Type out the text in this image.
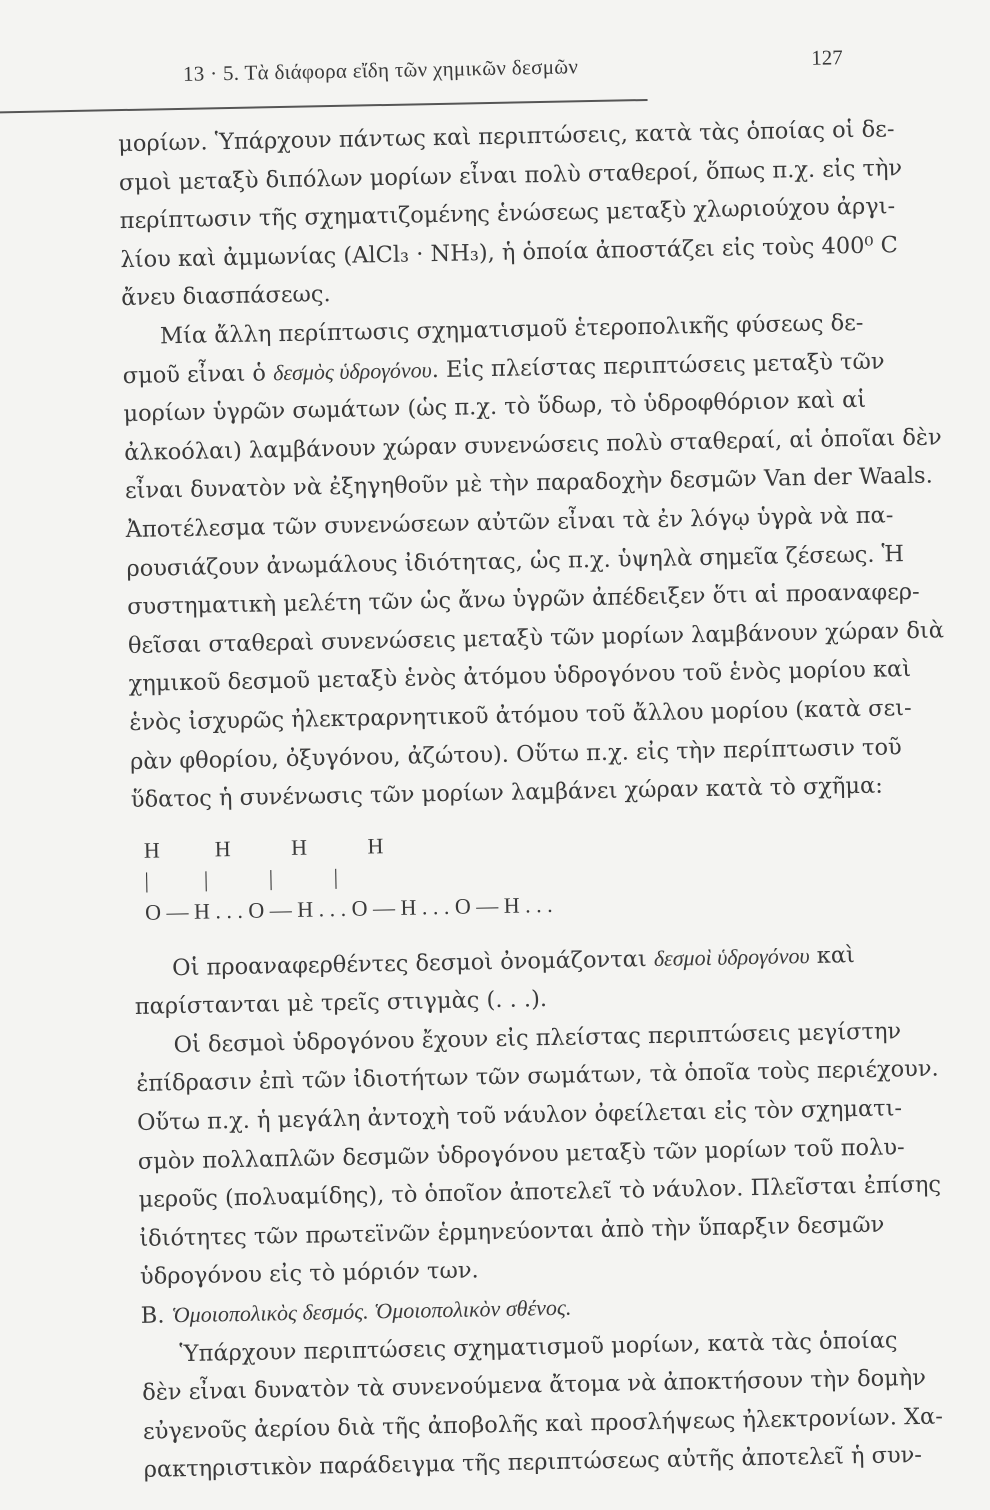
13 · 5. Τὰ διάφορα εἴδη τῶν χημικῶν δεσμῶν	127
μορίων. Ὑπάρχουν πάντως καὶ περιπτώσεις, κατὰ τὰς ὁποίας οἱ δε-
σμοὶ μεταξὺ διπόλων μορίων εἶναι πολὺ σταθεροί, ὅπως π.χ. εἰς τὴν
περίπτωσιν τῆς σχηματιζομένης ἑνώσεως μεταξὺ χλωριούχου ἀργι-
λίου καὶ ἀμμωνίας (AlCl₃ · NH₃), ἡ ὁποία ἀποστάζει εἰς τοὺς 400⁰ C
ἄνευ διασπάσεως.
Μία ἄλλη περίπτωσις σχηματισμοῦ ἑτεροπολικῆς φύσεως δε-
σμοῦ εἶναι ὁ δεσμὸς ὑδρογόνου. Εἰς πλείστας περιπτώσεις μεταξὺ τῶν
μορίων ὑγρῶν σωμάτων (ὡς π.χ. τὸ ὕδωρ, τὸ ὑδροφθόριον καὶ αἱ
ἀλκοόλαι) λαμβάνουν χώραν συνενώσεις πολὺ σταθεραί, αἱ ὁποῖαι δὲν
εἶναι δυνατὸν νὰ ἐξηγηθοῦν μὲ τὴν παραδοχὴν δεσμῶν Van der Waals.
Ἀποτέλεσμα τῶν συνενώσεων αὐτῶν εἶναι τὰ ἐν λόγῳ ὑγρὰ νὰ πα-
ρουσιάζουν ἀνωμάλους ἰδιότητας, ὡς π.χ. ὑψηλὰ σημεῖα ζέσεως. Ἡ
συστηματικὴ μελέτη τῶν ὡς ἄνω ὑγρῶν ἀπέδειξεν ὅτι αἱ προαναφερ-
θεῖσαι σταθεραὶ συνενώσεις μεταξὺ τῶν μορίων λαμβάνουν χώραν διὰ
χημικοῦ δεσμοῦ μεταξὺ ἑνὸς ἀτόμου ὑδρογόνου τοῦ ἑνὸς μορίου καὶ
ἑνὸς ἰσχυρῶς ἠλεκτραρνητικοῦ ἀτόμου τοῦ ἄλλου μορίου (κατὰ σει-
ρὰν φθορίου, ὀξυγόνου, ἀζώτου). Οὕτω π.χ. εἰς τὴν περίπτωσιν τοῦ
ὕδατος ἡ συνένωσις τῶν μορίων λαμβάνει χώραν κατὰ τὸ σχῆμα:
H          H           H           H
|          |           |           |
O — H . . . O — H . . . O — H . . . O — H . . .
Οἱ προαναφερθέντες δεσμοὶ ὀνομάζονται δεσμοὶ ὑδρογόνου καὶ
παρίστανται μὲ τρεῖς στιγμὰς (. . .).
Οἱ δεσμοὶ ὑδρογόνου ἔχουν εἰς πλείστας περιπτώσεις μεγίστην
ἐπίδρασιν ἐπὶ τῶν ἰδιοτήτων τῶν σωμάτων, τὰ ὁποῖα τοὺς περιέχουν.
Οὕτω π.χ. ἡ μεγάλη ἀντοχὴ τοῦ νάυλον ὀφείλεται εἰς τὸν σχηματι-
σμὸν πολλαπλῶν δεσμῶν ὑδρογόνου μεταξὺ τῶν μορίων τοῦ πολυ-
μεροῦς (πολυαμίδης), τὸ ὁποῖον ἀποτελεῖ τὸ νάυλον. Πλεῖσται ἐπίσης
ἰδιότητες τῶν πρωτεϊνῶν ἑρμηνεύονται ἀπὸ τὴν ὕπαρξιν δεσμῶν
ὑδρογόνου εἰς τὸ μόριόν των.
Β. Ὁμοιοπολικὸς δεσμός. Ὁμοιοπολικὸν σθένος.
Ὑπάρχουν περιπτώσεις σχηματισμοῦ μορίων, κατὰ τὰς ὁποίας
δὲν εἶναι δυνατὸν τὰ συνενούμενα ἄτομα νὰ ἀποκτήσουν τὴν δομὴν
εὐγενοῦς ἀερίου διὰ τῆς ἀποβολῆς καὶ προσλήψεως ἠλεκτρονίων. Χα-
ρακτηριστικὸν παράδειγμα τῆς περιπτώσεως αὐτῆς ἀποτελεῖ ἡ συν-
